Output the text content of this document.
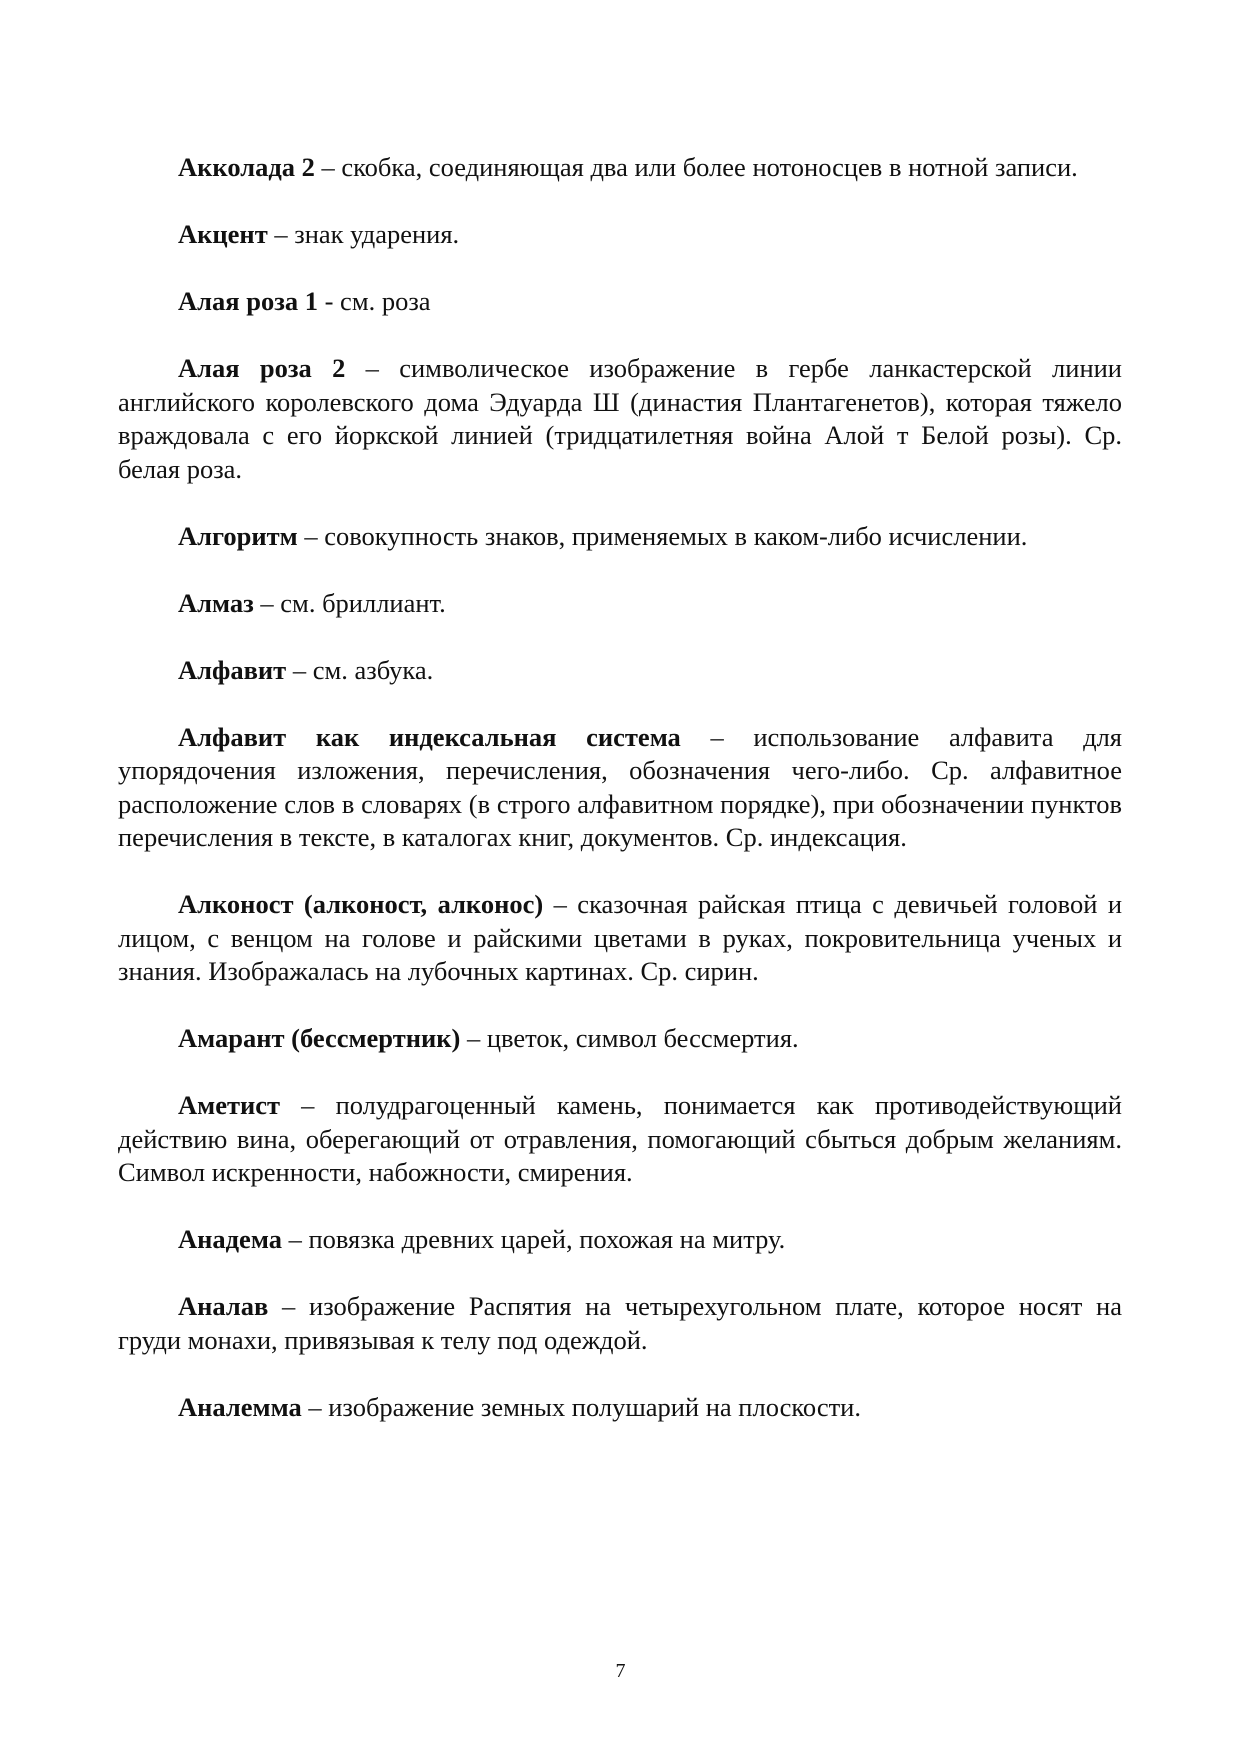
Акколада 2 – скобка, соединяющая два или более нотоносцев в нотной записи.

Акцент – знак ударения.

Алая роза 1 - см. роза

Алая роза 2 – символическое изображение в гербе ланкастерской линии английского королевского дома Эдуарда Ш (династия Плантагенетов), которая тяжело враждовала с его йоркской линией (тридцатилетняя война Алой т Белой розы). Ср. белая роза.

Алгоритм – совокупность знаков, применяемых в каком-либо исчислении.

Алмаз – см. бриллиант.

Алфавит – см. азбука.

Алфавит как индексальная система – использование алфавита для упорядочения изложения, перечисления, обозначения чего-либо. Ср. алфавитное расположение слов в словарях (в строго алфавитном порядке), при обозначении пунктов перечисления в тексте, в каталогах книг, документов. Ср. индексация.

Алконост (алконост, алконос) – сказочная райская птица с девичьей головой и лицом, с венцом на голове и райскими цветами в руках, покровительница ученых и знания. Изображалась на лубочных картинах. Ср. сирин.

Амарант (бессмертник) – цветок, символ бессмертия.

Аметист – полудрагоценный камень, понимается как противодействующий действию вина, оберегающий от отравления, помогающий сбыться добрым желаниям. Символ искренности, набожности, смирения.

Анадема – повязка древних царей, похожая на митру.

Аналав – изображение Распятия на четырехугольном плате, которое носят на груди монахи, привязывая к телу под одеждой.

Аналемма – изображение земных полушарий на плоскости.

7
